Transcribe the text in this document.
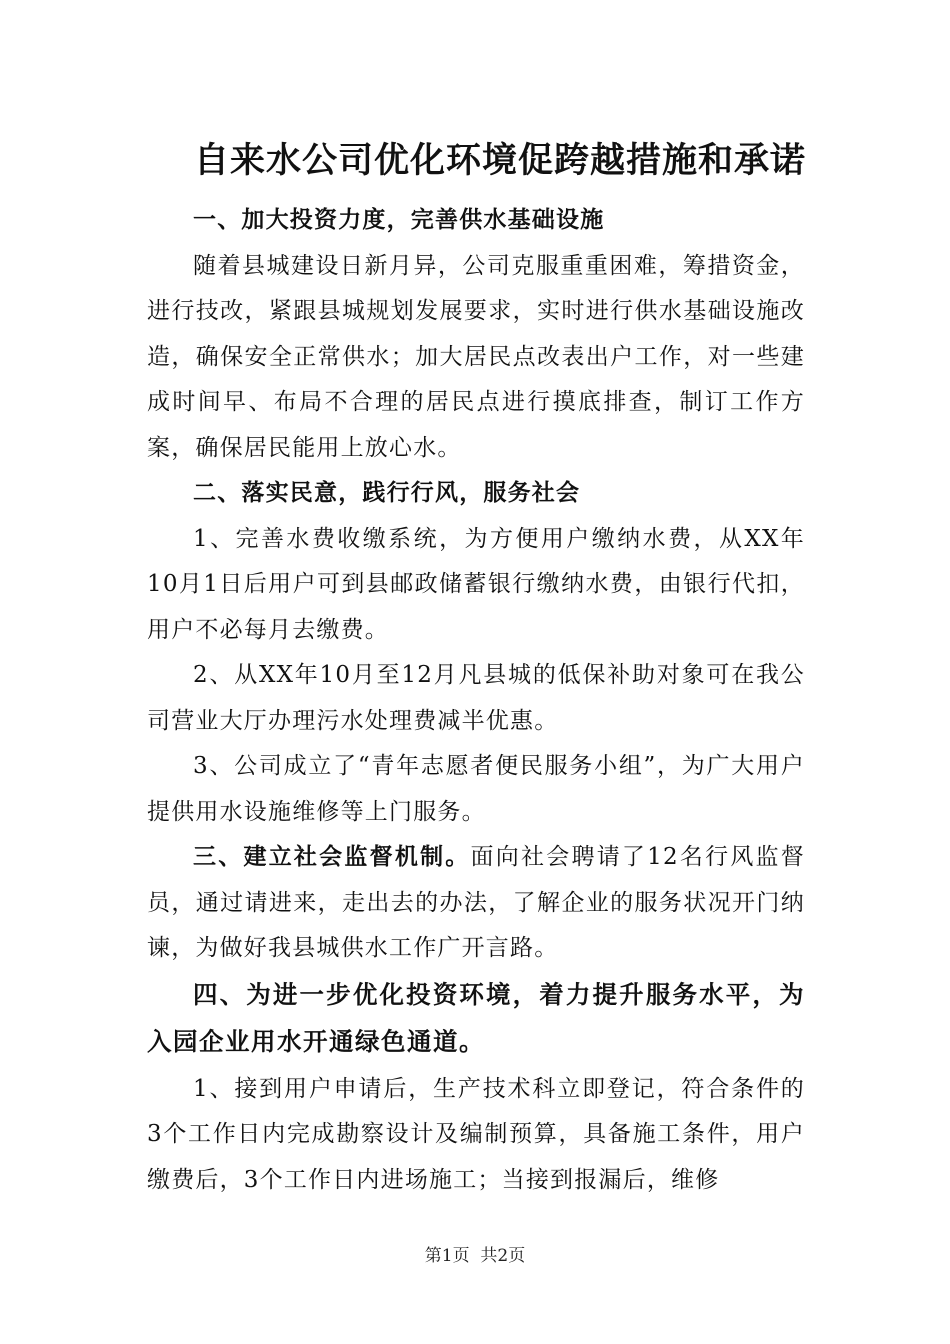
自来水公司优化环境促跨越措施和承诺

一、加大投资力度，完善供水基础设施

随着县城建设日新月异，公司克服重重困难，筹措资金，进行技改，紧跟县城规划发展要求，实时进行供水基础设施改造，确保安全正常供水；加大居民点改表出户工作，对一些建成时间早、布局不合理的居民点进行摸底排查，制订工作方案，确保居民能用上放心水。

二、落实民意，践行行风，服务社会

1、完善水费收缴系统，为方便用户缴纳水费，从XX年10月1日后用户可到县邮政储蓄银行缴纳水费，由银行代扣，用户不必每月去缴费。

2、从XX年10月至12月凡县城的低保补助对象可在我公司营业大厅办理污水处理费减半优惠。

3、公司成立了“青年志愿者便民服务小组”，为广大用户提供用水设施维修等上门服务。

三、建立社会监督机制。面向社会聘请了12名行风监督员，通过请进来，走出去的办法，了解企业的服务状况开门纳谏，为做好我县城供水工作广开言路。

四、为进一步优化投资环境，着力提升服务水平，为入园企业用水开通绿色通道。

1、接到用户申请后，生产技术科立即登记，符合条件的3个工作日内完成勘察设计及编制预算，具备施工条件，用户缴费后，3个工作日内进场施工；当接到报漏后，维修

第1页 共2页
